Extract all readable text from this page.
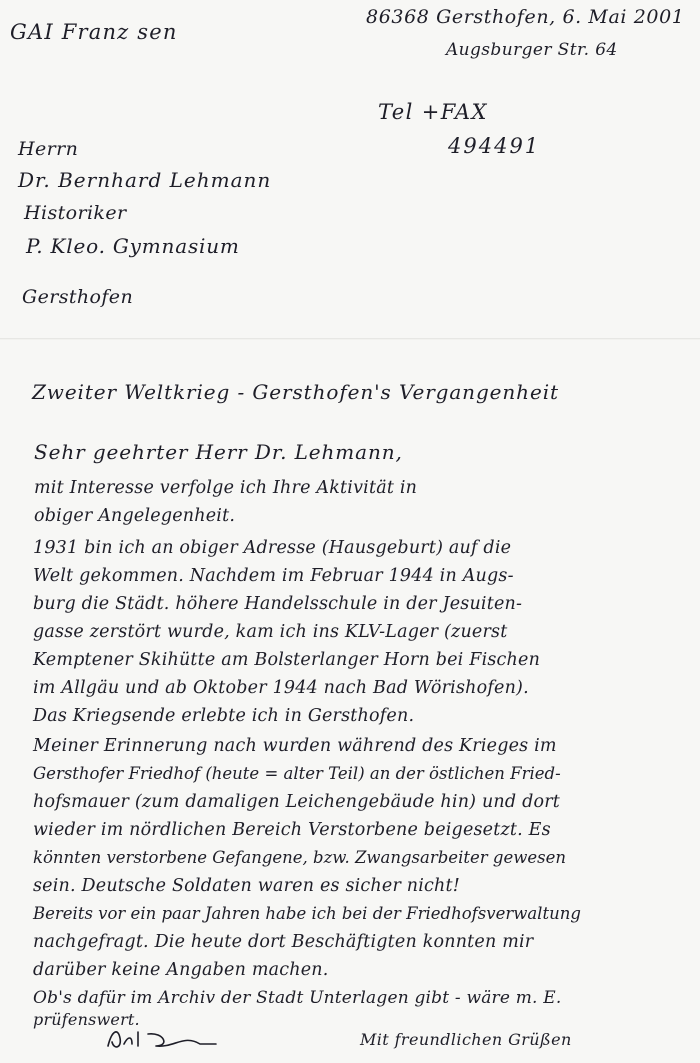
GAI Franz sen
86368 Gersthofen, 6. Mai 2001
Augsburger Str. 64
Tel +FAX
494491
Herrn
Dr. Bernhard Lehmann
Historiker
P. Kleo. Gymnasium
Gersthofen
Zweiter Weltkrieg - Gersthofen's Vergangenheit
Sehr geehrter Herr Dr. Lehmann,
mit Interesse verfolge ich Ihre Aktivität in
obiger Angelegenheit.
1931 bin ich an obiger Adresse (Hausgeburt) auf die
Welt gekommen. Nachdem im Februar 1944 in Augs-
burg die Städt. höhere Handelsschule in der Jesuiten-
gasse zerstört wurde, kam ich ins KLV-Lager (zuerst
Kemptener Skihütte am Bolsterlanger Horn bei Fischen
im Allgäu und ab Oktober 1944 nach Bad Wörishofen).
Das Kriegsende erlebte ich in Gersthofen.
Meiner Erinnerung nach wurden während des Krieges im
Gersthofer Friedhof (heute = alter Teil) an der östlichen Fried-
hofsmauer (zum damaligen Leichengebäude hin) und dort
wieder im nördlichen Bereich Verstorbene beigesetzt. Es
könnten verstorbene Gefangene, bzw. Zwangsarbeiter gewesen
sein. Deutsche Soldaten waren es sicher nicht!
Bereits vor ein paar Jahren habe ich bei der Friedhofsverwaltung
nachgefragt. Die heute dort Beschäftigten konnten mir
darüber keine Angaben machen.
Ob's dafür im Archiv der Stadt Unterlagen gibt - wäre m. E.
prüfenswert.
Mit freundlichen Grüßen
